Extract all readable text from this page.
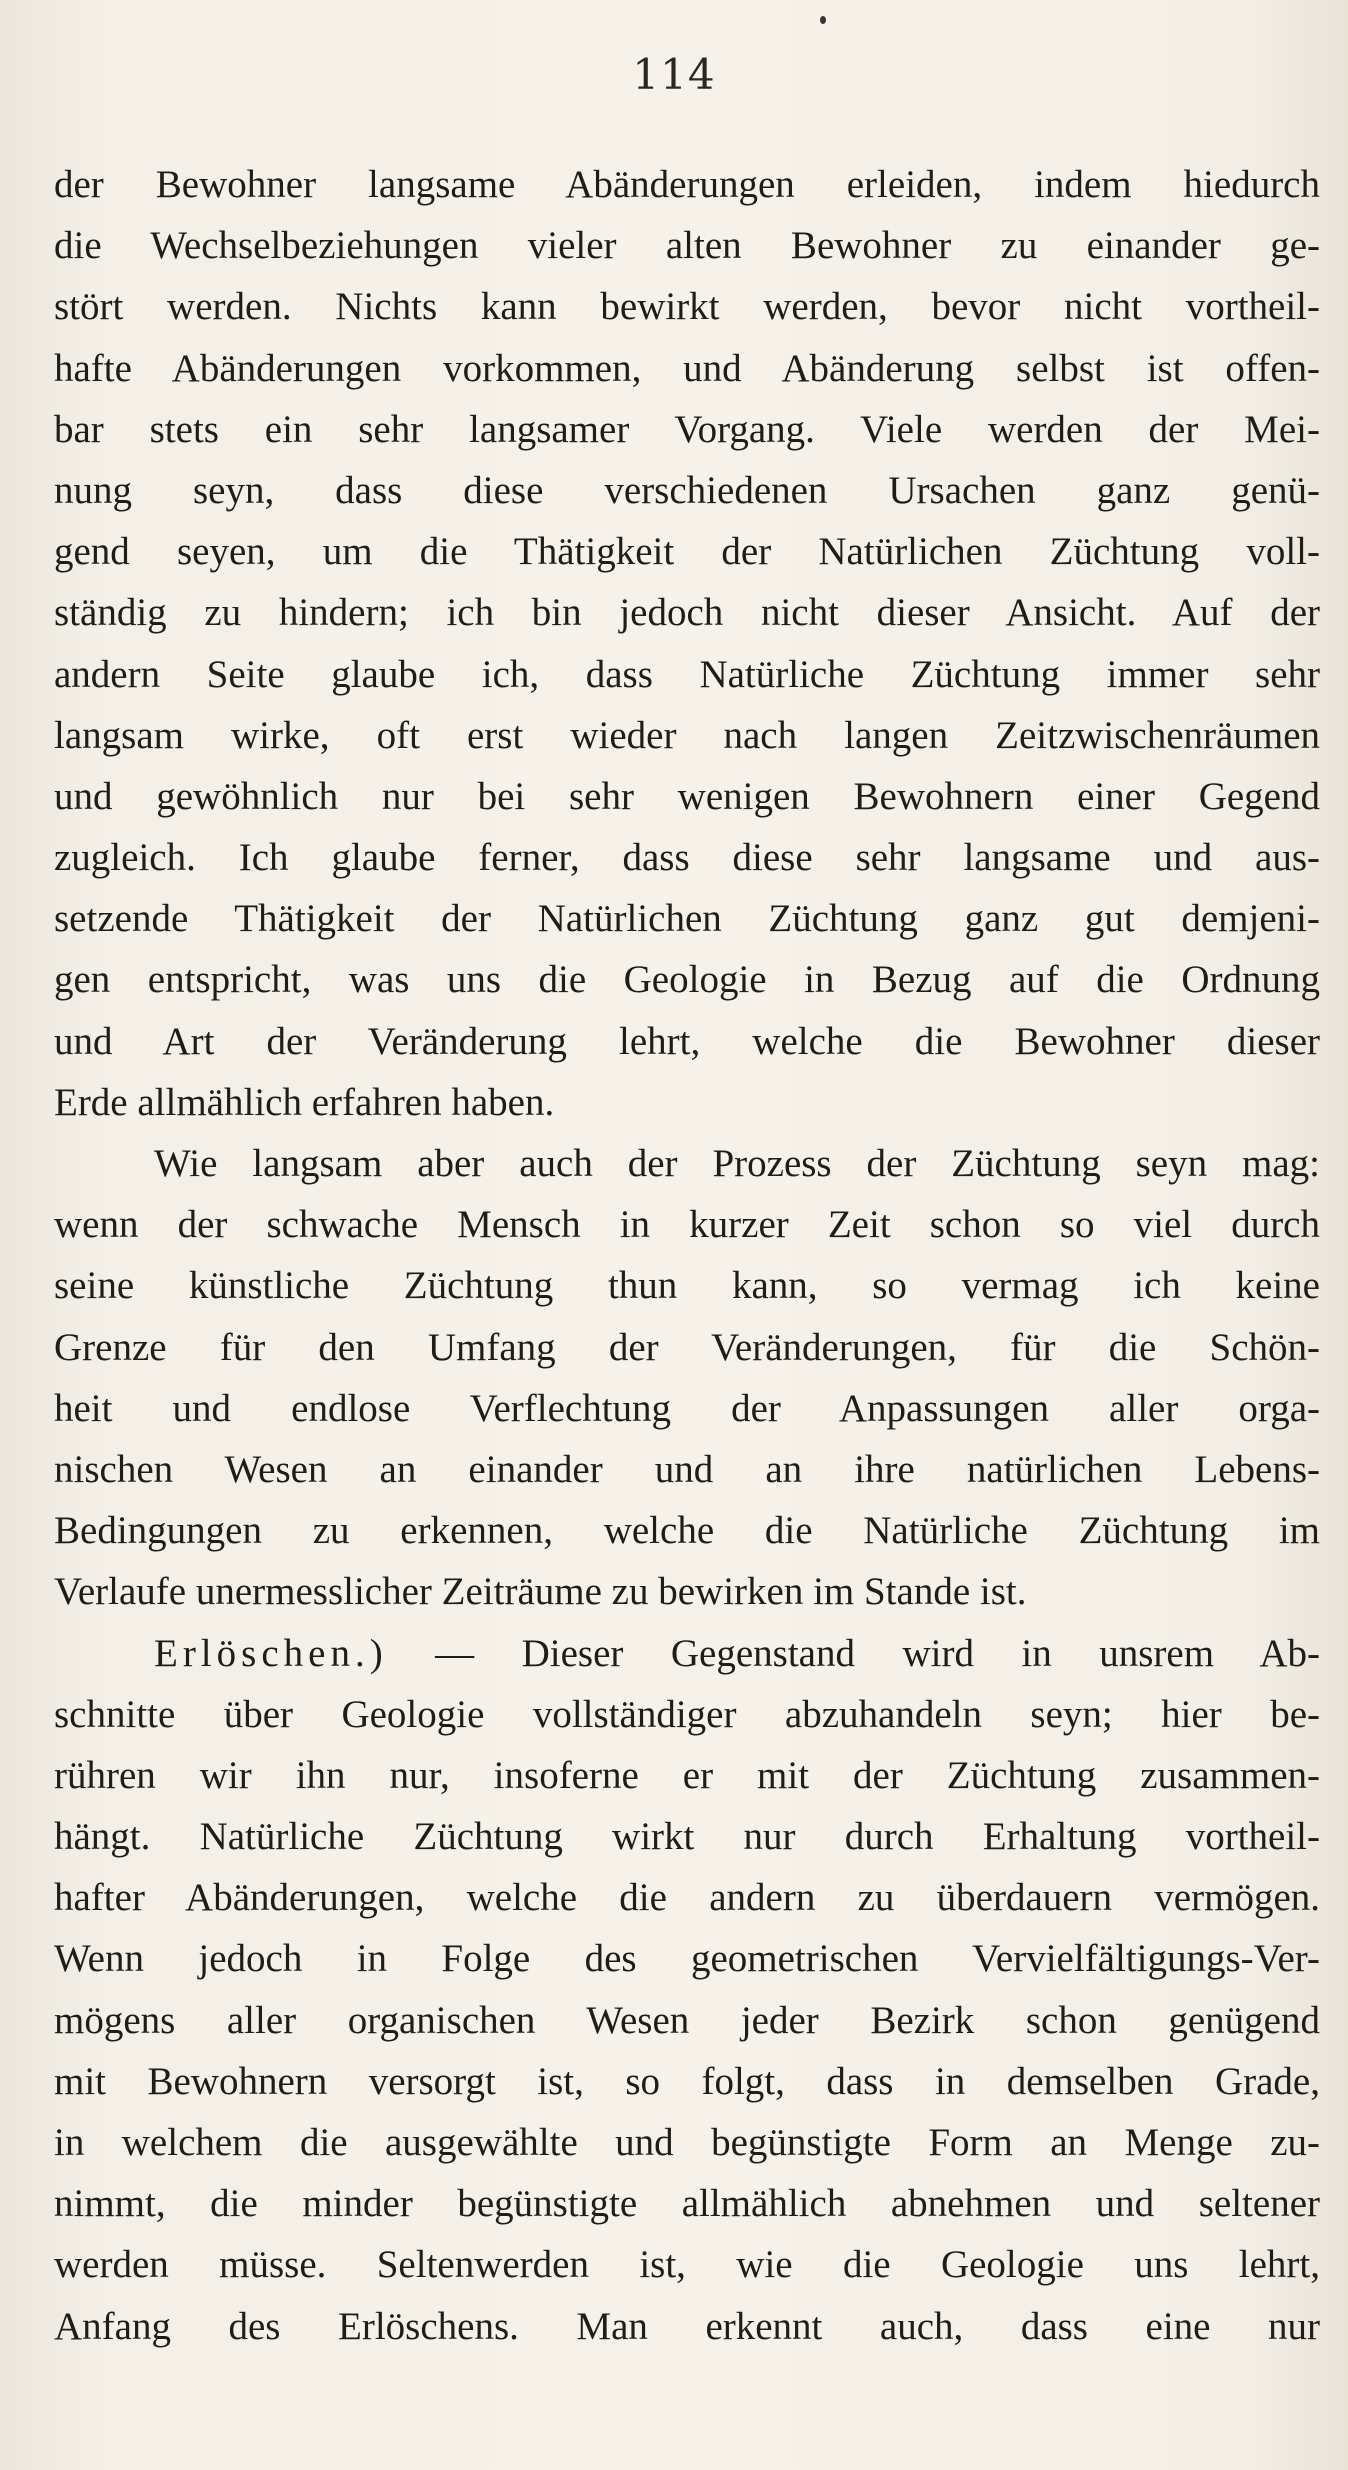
114
der Bewohner langsame Abänderungen erleiden, indem hiedurch
die Wechselbeziehungen vieler alten Bewohner zu einander ge-
stört werden. Nichts kann bewirkt werden, bevor nicht vortheil-
hafte Abänderungen vorkommen, und Abänderung selbst ist offen-
bar stets ein sehr langsamer Vorgang. Viele werden der Mei-
nung seyn, dass diese verschiedenen Ursachen ganz genü-
gend seyen, um die Thätigkeit der Natürlichen Züchtung voll-
ständig zu hindern; ich bin jedoch nicht dieser Ansicht. Auf der
andern Seite glaube ich, dass Natürliche Züchtung immer sehr
langsam wirke, oft erst wieder nach langen Zeitzwischenräumen
und gewöhnlich nur bei sehr wenigen Bewohnern einer Gegend
zugleich. Ich glaube ferner, dass diese sehr langsame und aus-
setzende Thätigkeit der Natürlichen Züchtung ganz gut demjeni-
gen entspricht, was uns die Geologie in Bezug auf die Ordnung
und Art der Veränderung lehrt, welche die Bewohner dieser
Erde allmählich erfahren haben.
Wie langsam aber auch der Prozess der Züchtung seyn mag:
wenn der schwache Mensch in kurzer Zeit schon so viel durch
seine künstliche Züchtung thun kann, so vermag ich keine
Grenze für den Umfang der Veränderungen, für die Schön-
heit und endlose Verflechtung der Anpassungen aller orga-
nischen Wesen an einander und an ihre natürlichen Lebens-
Bedingungen zu erkennen, welche die Natürliche Züchtung im
Verlaufe unermesslicher Zeiträume zu bewirken im Stande ist.
Erlöschen.) — Dieser Gegenstand wird in unsrem Ab-
schnitte über Geologie vollständiger abzuhandeln seyn; hier be-
rühren wir ihn nur, insoferne er mit der Züchtung zusammen-
hängt. Natürliche Züchtung wirkt nur durch Erhaltung vortheil-
hafter Abänderungen, welche die andern zu überdauern vermögen.
Wenn jedoch in Folge des geometrischen Vervielfältigungs-Ver-
mögens aller organischen Wesen jeder Bezirk schon genügend
mit Bewohnern versorgt ist, so folgt, dass in demselben Grade,
in welchem die ausgewählte und begünstigte Form an Menge zu-
nimmt, die minder begünstigte allmählich abnehmen und seltener
werden müsse. Seltenwerden ist, wie die Geologie uns lehrt,
Anfang des Erlöschens. Man erkennt auch, dass eine nur
